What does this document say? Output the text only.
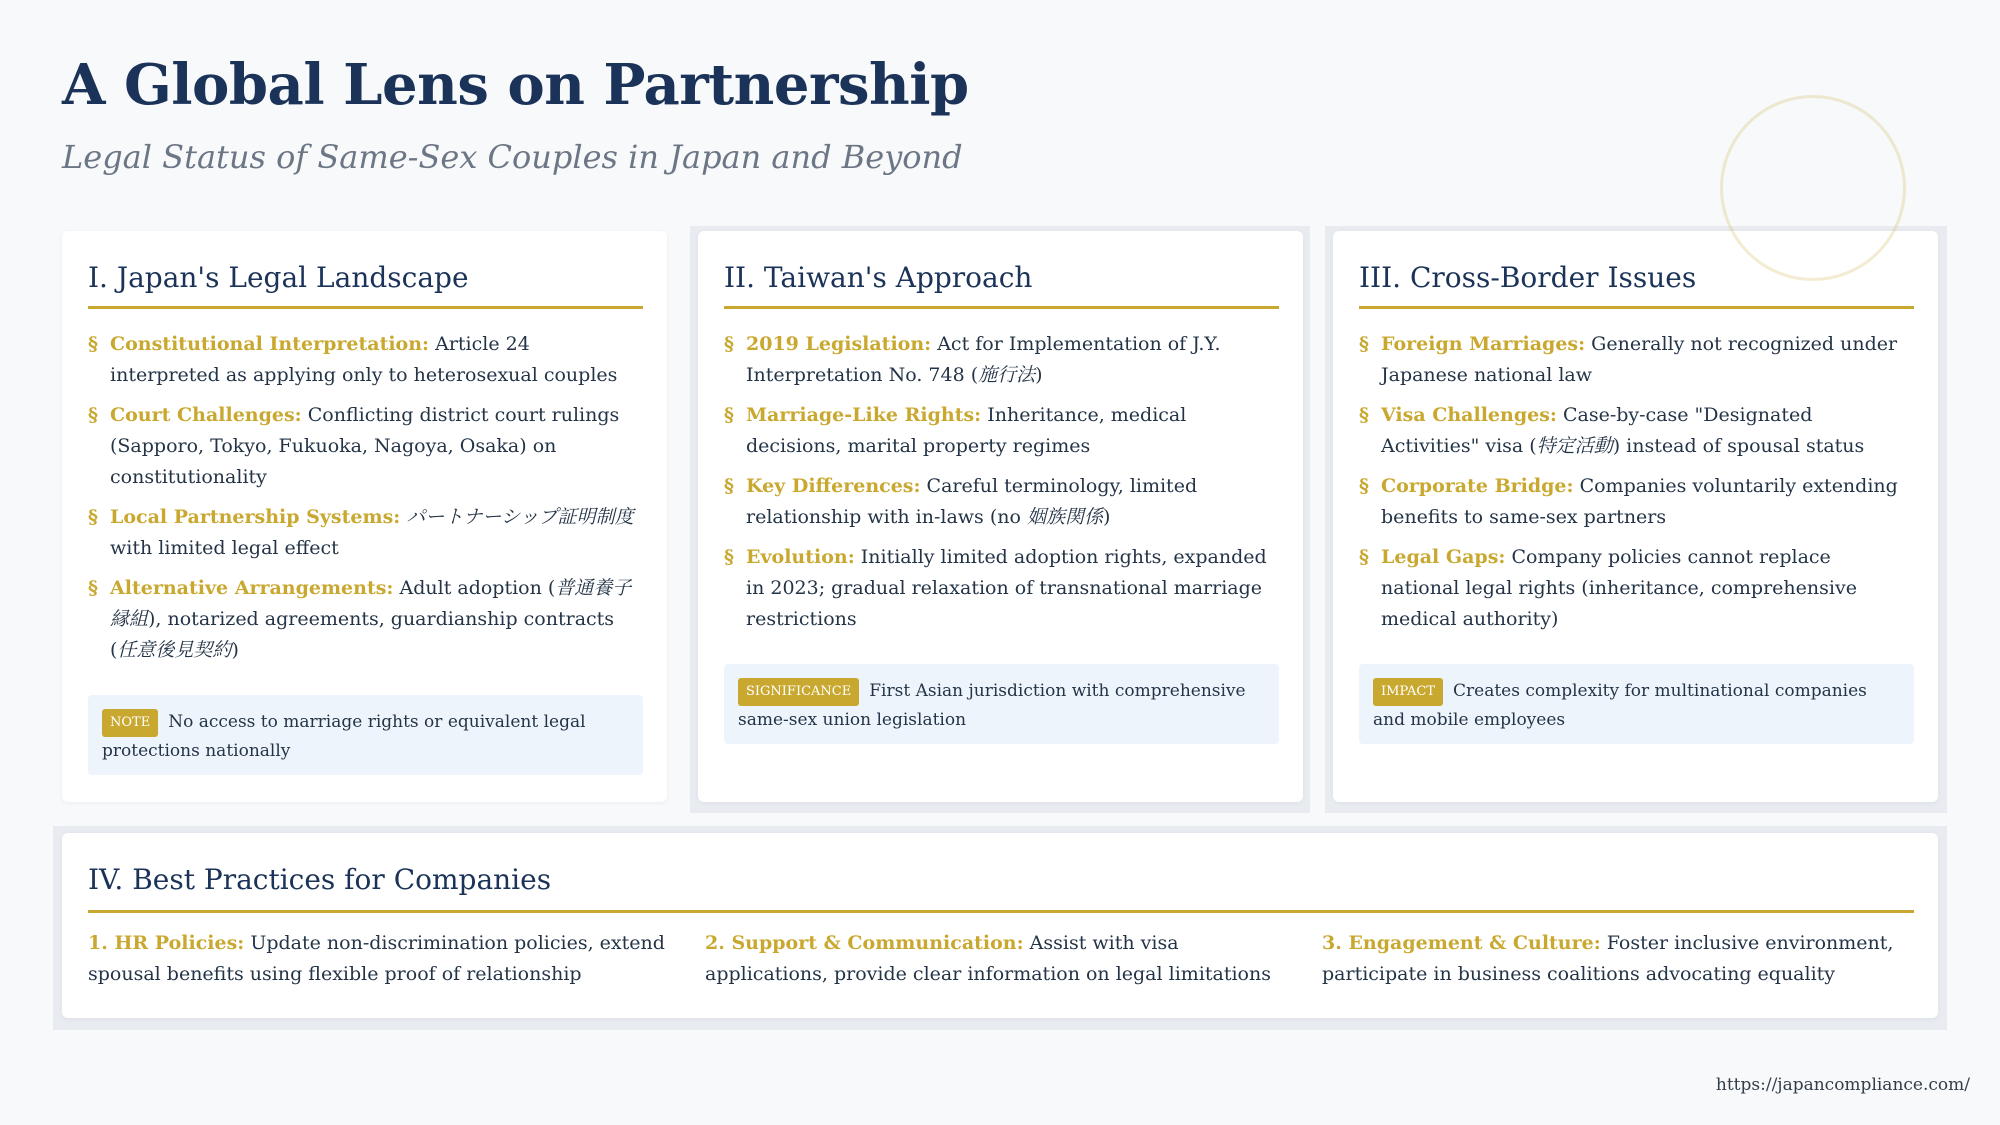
A Global Lens on Partnership
Legal Status of Same-Sex Couples in Japan and Beyond
I. Japan's Legal Landscape
§ Constitutional Interpretation: Article 24 interpreted as applying only to heterosexual couples
§ Court Challenges: Conflicting district court rulings (Sapporo, Tokyo, Fukuoka, Nagoya, Osaka) on constitutionality
§ Local Partnership Systems: パートナーシップ証明制度 with limited legal effect
§ Alternative Arrangements: Adult adoption (普通養子縁組), notarized agreements, guardianship contracts (任意後見契約)
NOTE No access to marriage rights or equivalent legal protections nationally
II. Taiwan's Approach
§ 2019 Legislation: Act for Implementation of J.Y. Interpretation No. 748 (施行法)
§ Marriage-Like Rights: Inheritance, medical decisions, marital property regimes
§ Key Differences: Careful terminology, limited relationship with in-laws (no 姻族関係)
§ Evolution: Initially limited adoption rights, expanded in 2023; gradual relaxation of transnational marriage restrictions
SIGNIFICANCE First Asian jurisdiction with comprehensive same-sex union legislation
III. Cross-Border Issues
§ Foreign Marriages: Generally not recognized under Japanese national law
§ Visa Challenges: Case-by-case "Designated Activities" visa (特定活動) instead of spousal status
§ Corporate Bridge: Companies voluntarily extending benefits to same-sex partners
§ Legal Gaps: Company policies cannot replace national legal rights (inheritance, comprehensive medical authority)
IMPACT Creates complexity for multinational companies and mobile employees
IV. Best Practices for Companies
1. HR Policies: Update non-discrimination policies, extend spousal benefits using flexible proof of relationship
2. Support & Communication: Assist with visa applications, provide clear information on legal limitations
3. Engagement & Culture: Foster inclusive environment, participate in business coalitions advocating equality
https://japancompliance.com/
